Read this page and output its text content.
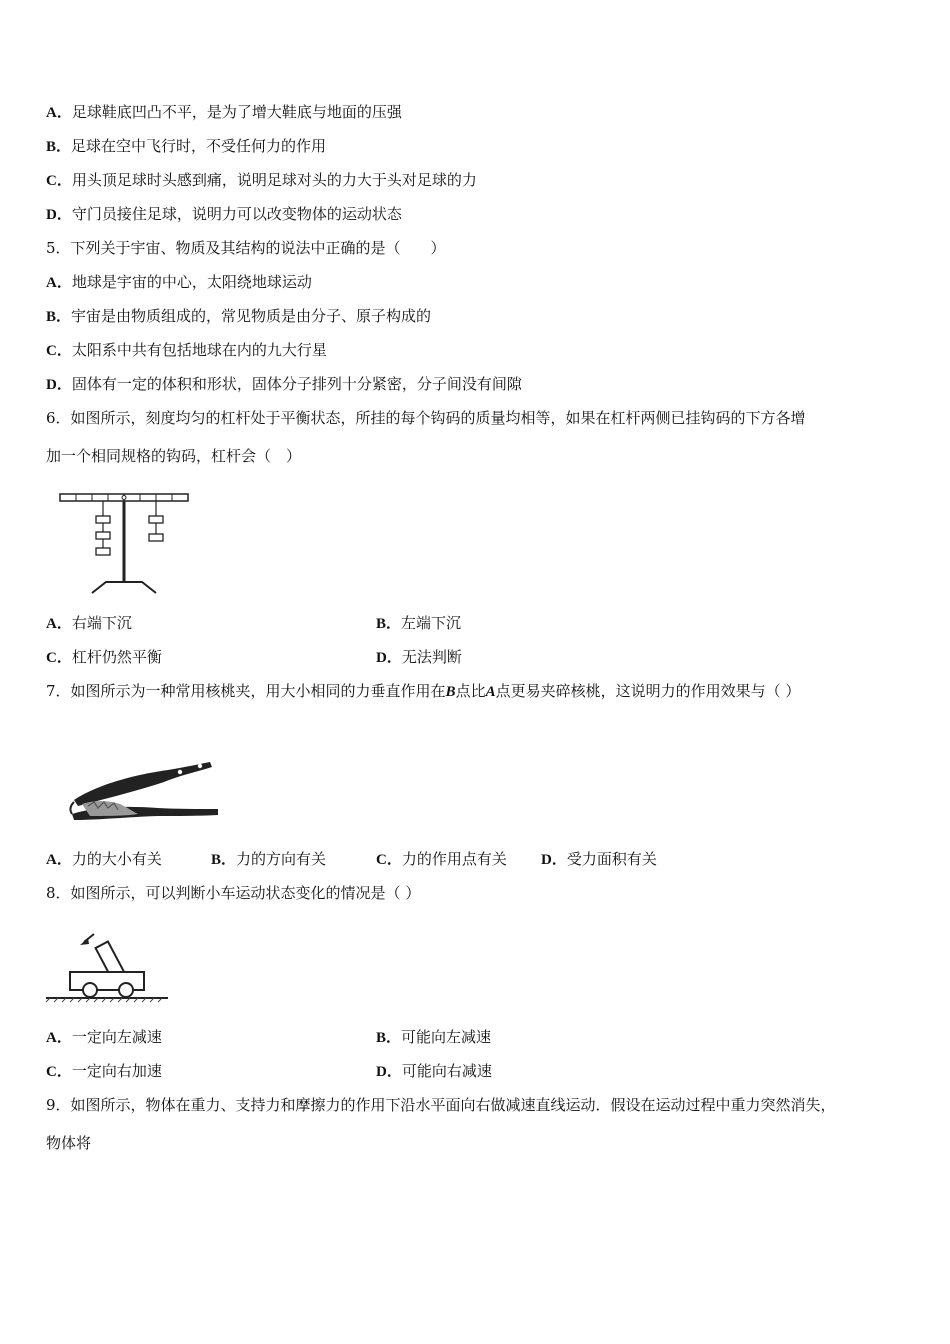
A．足球鞋底凹凸不平，是为了增大鞋底与地面的压强
B．足球在空中飞行时，不受任何力的作用
C．用头顶足球时头感到痛，说明足球对头的力大于头对足球的力
D．守门员接住足球，说明力可以改变物体的运动状态
5．下列关于宇宙、物质及其结构的说法中正确的是（　　）
A．地球是宇宙的中心，太阳绕地球运动
B．宇宙是由物质组成的，常见物质是由分子、原子构成的
C．太阳系中共有包括地球在内的九大行星
D．固体有一定的体积和形状，固体分子排列十分紧密，分子间没有间隙
6．如图所示，刻度均匀的杠杆处于平衡状态，所挂的每个钩码的质量均相等，如果在杠杆两侧已挂钩码的下方各增
加一个相同规格的钩码，杠杆会（　）
A．右端下沉	B．左端下沉
C．杠杆仍然平衡	D．无法判断
7．如图所示为一种常用核桃夹，用大小相同的力垂直作用在B点比A点更易夹碎核桃，这说明力的作用效果与（ ）
A．力的大小有关	B．力的方向有关	C．力的作用点有关 D．受力面积有关
8．如图所示，可以判断小车运动状态变化的情况是（ ）
A．一定向左减速	B．可能向左减速
C．一定向右加速	D．可能向右减速
9．如图所示，物体在重力、支持力和摩擦力的作用下沿水平面向右做减速直线运动．假设在运动过程中重力突然消失，
物体将
